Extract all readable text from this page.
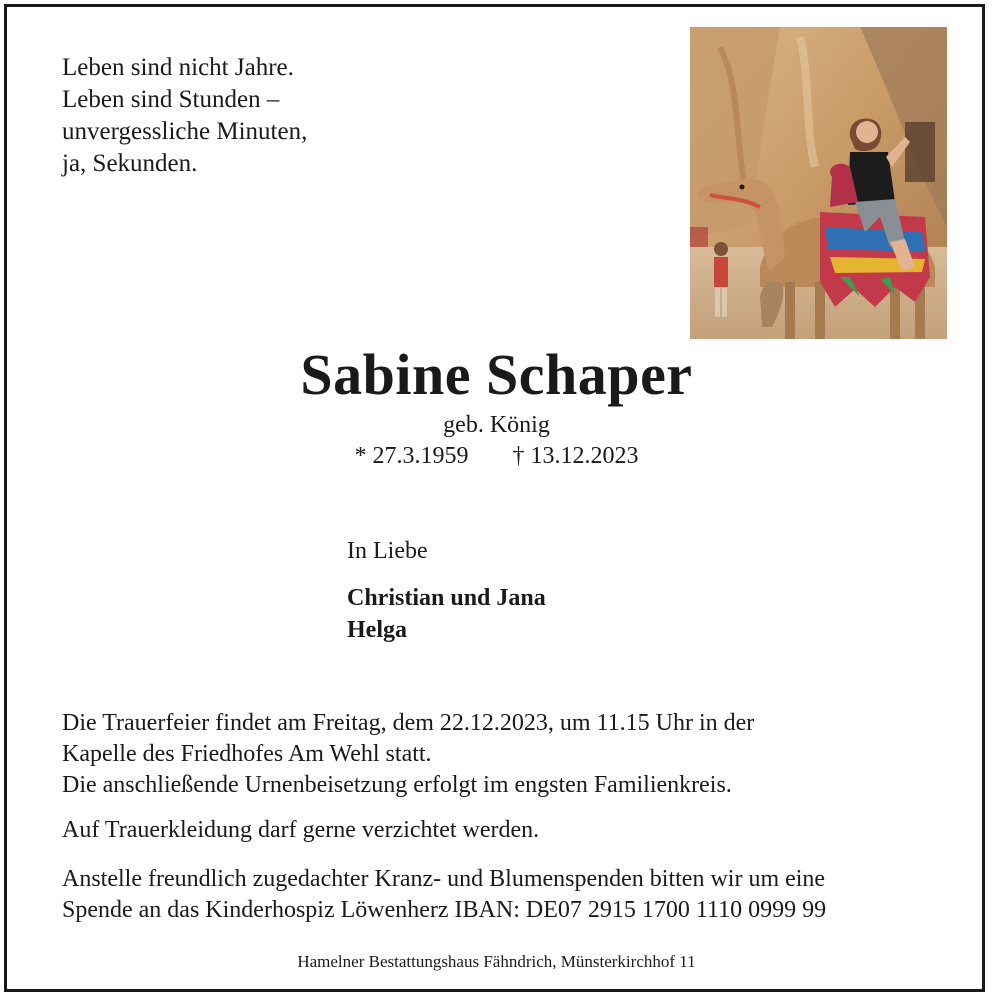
Leben sind nicht Jahre.
Leben sind Stunden –
unvergessliche Minuten,
ja, Sekunden.
Sabine Schaper
geb. König
* 27.3.1959 † 13.12.2023
In Liebe
Christian und Jana
Helga
Die Trauerfeier findet am Freitag, dem 22.12.2023, um 11.15 Uhr in der
Kapelle des Friedhofes Am Wehl statt.
Die anschließende Urnenbeisetzung erfolgt im engsten Familienkreis.
Auf Trauerkleidung darf gerne verzichtet werden.
Anstelle freundlich zugedachter Kranz- und Blumenspenden bitten wir um eine
Spende an das Kinderhospiz Löwenherz IBAN: DE07 2915 1700 1110 0999 99
Hamelner Bestattungshaus Fähndrich, Münsterkirchhof 11
